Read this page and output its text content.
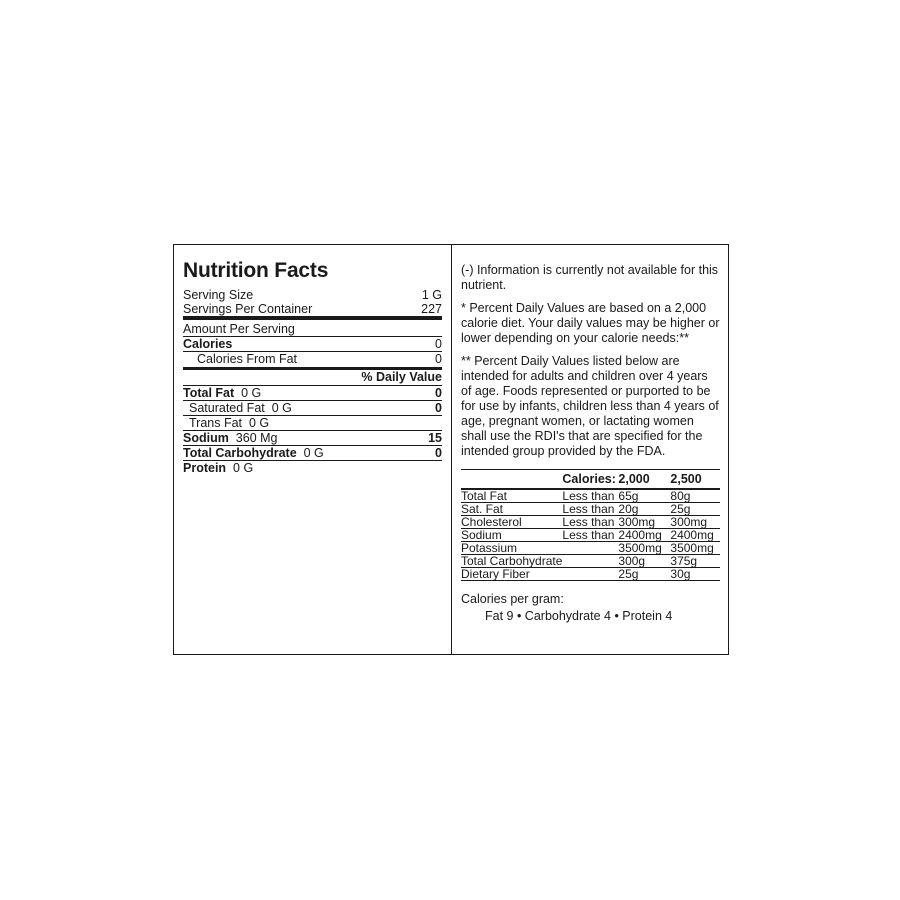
Nutrition Facts
Serving Size	1 G
Servings Per Container	227
Amount Per Serving
Calories	0
Calories From Fat	0
% Daily Value
Total Fat 0 G	0
Saturated Fat 0 G	0
Trans Fat 0 G
Sodium 360 Mg	15
Total Carbohydrate 0 G	0
Protein 0 G
(-) Information is currently not available for this nutrient.
* Percent Daily Values are based on a 2,000 calorie diet. Your daily values may be higher or lower depending on your calorie needs:**
** Percent Daily Values listed below are intended for adults and children over 4 years of age. Foods represented or purported to be for use by infants, children less than 4 years of age, pregnant women, or lactating women shall use the RDI's that are specified for the intended group provided by the FDA.
	Calories:	2,000	2,500
Total Fat	Less than	65g	80g
Sat. Fat	Less than	20g	25g
Cholesterol	Less than	300mg	300mg
Sodium	Less than	2400mg	2400mg
Potassium		3500mg	3500mg
Total Carbohydrate		300g	375g
Dietary Fiber		25g	30g
Calories per gram:
Fat 9 • Carbohydrate 4 • Protein 4
